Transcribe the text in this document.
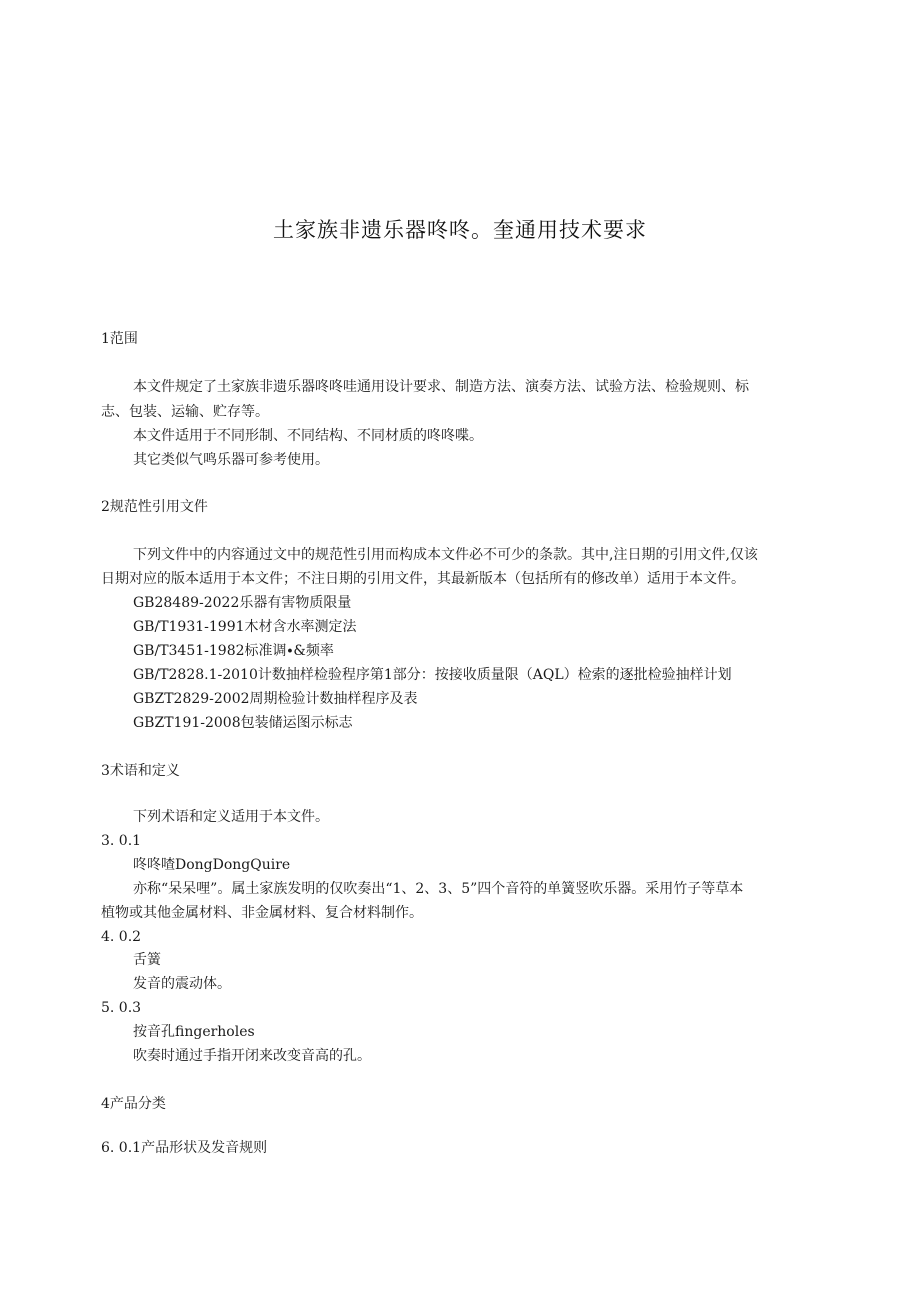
土家族非遗乐器咚咚。奎通用技术要求
1范围
本文件规定了土家族非遗乐器咚咚哇通用设计要求、制造方法、演奏方法、试验方法、检验规则、标
志、包装、运输、贮存等。
本文件适用于不同形制、不同结构、不同材质的咚咚喋。
其它类似气鸣乐器可参考使用。
2规范性引用文件
下列文件中的内容通过文中的规范性引用而构成本文件必不可少的条款。其中,注日期的引用文件,仅该
日期对应的版本适用于本文件；不注日期的引用文件，其最新版本（包括所有的修改单）适用于本文件。
GB28489-2022乐器有害物质限量
GB/T1931-1991木材含水率测定法
GB/T3451-1982标准调∙&频率
GB/T2828.1-2010计数抽样检验程序第1部分：按接收质量限（AQL）检索的逐批检验抽样计划
GBZT2829-2002周期检验计数抽样程序及表
GBZT191-2008包装储运图示标志
3术语和定义
下列术语和定义适用于本文件。
3. 0.1
咚咚喳DongDongQuire
亦称“呆呆哩”。属土家族发明的仅吹奏出“1、2、3、5”四个音符的单簧竖吹乐器。采用竹子等草本
植物或其他金属材料、非金属材料、复合材料制作。
4. 0.2
舌簧
发音的震动体。
5. 0.3
按音孔fingerholes
吹奏时通过手指开闭来改变音高的孔。
4产品分类
6. 0.1产品形状及发音规则
